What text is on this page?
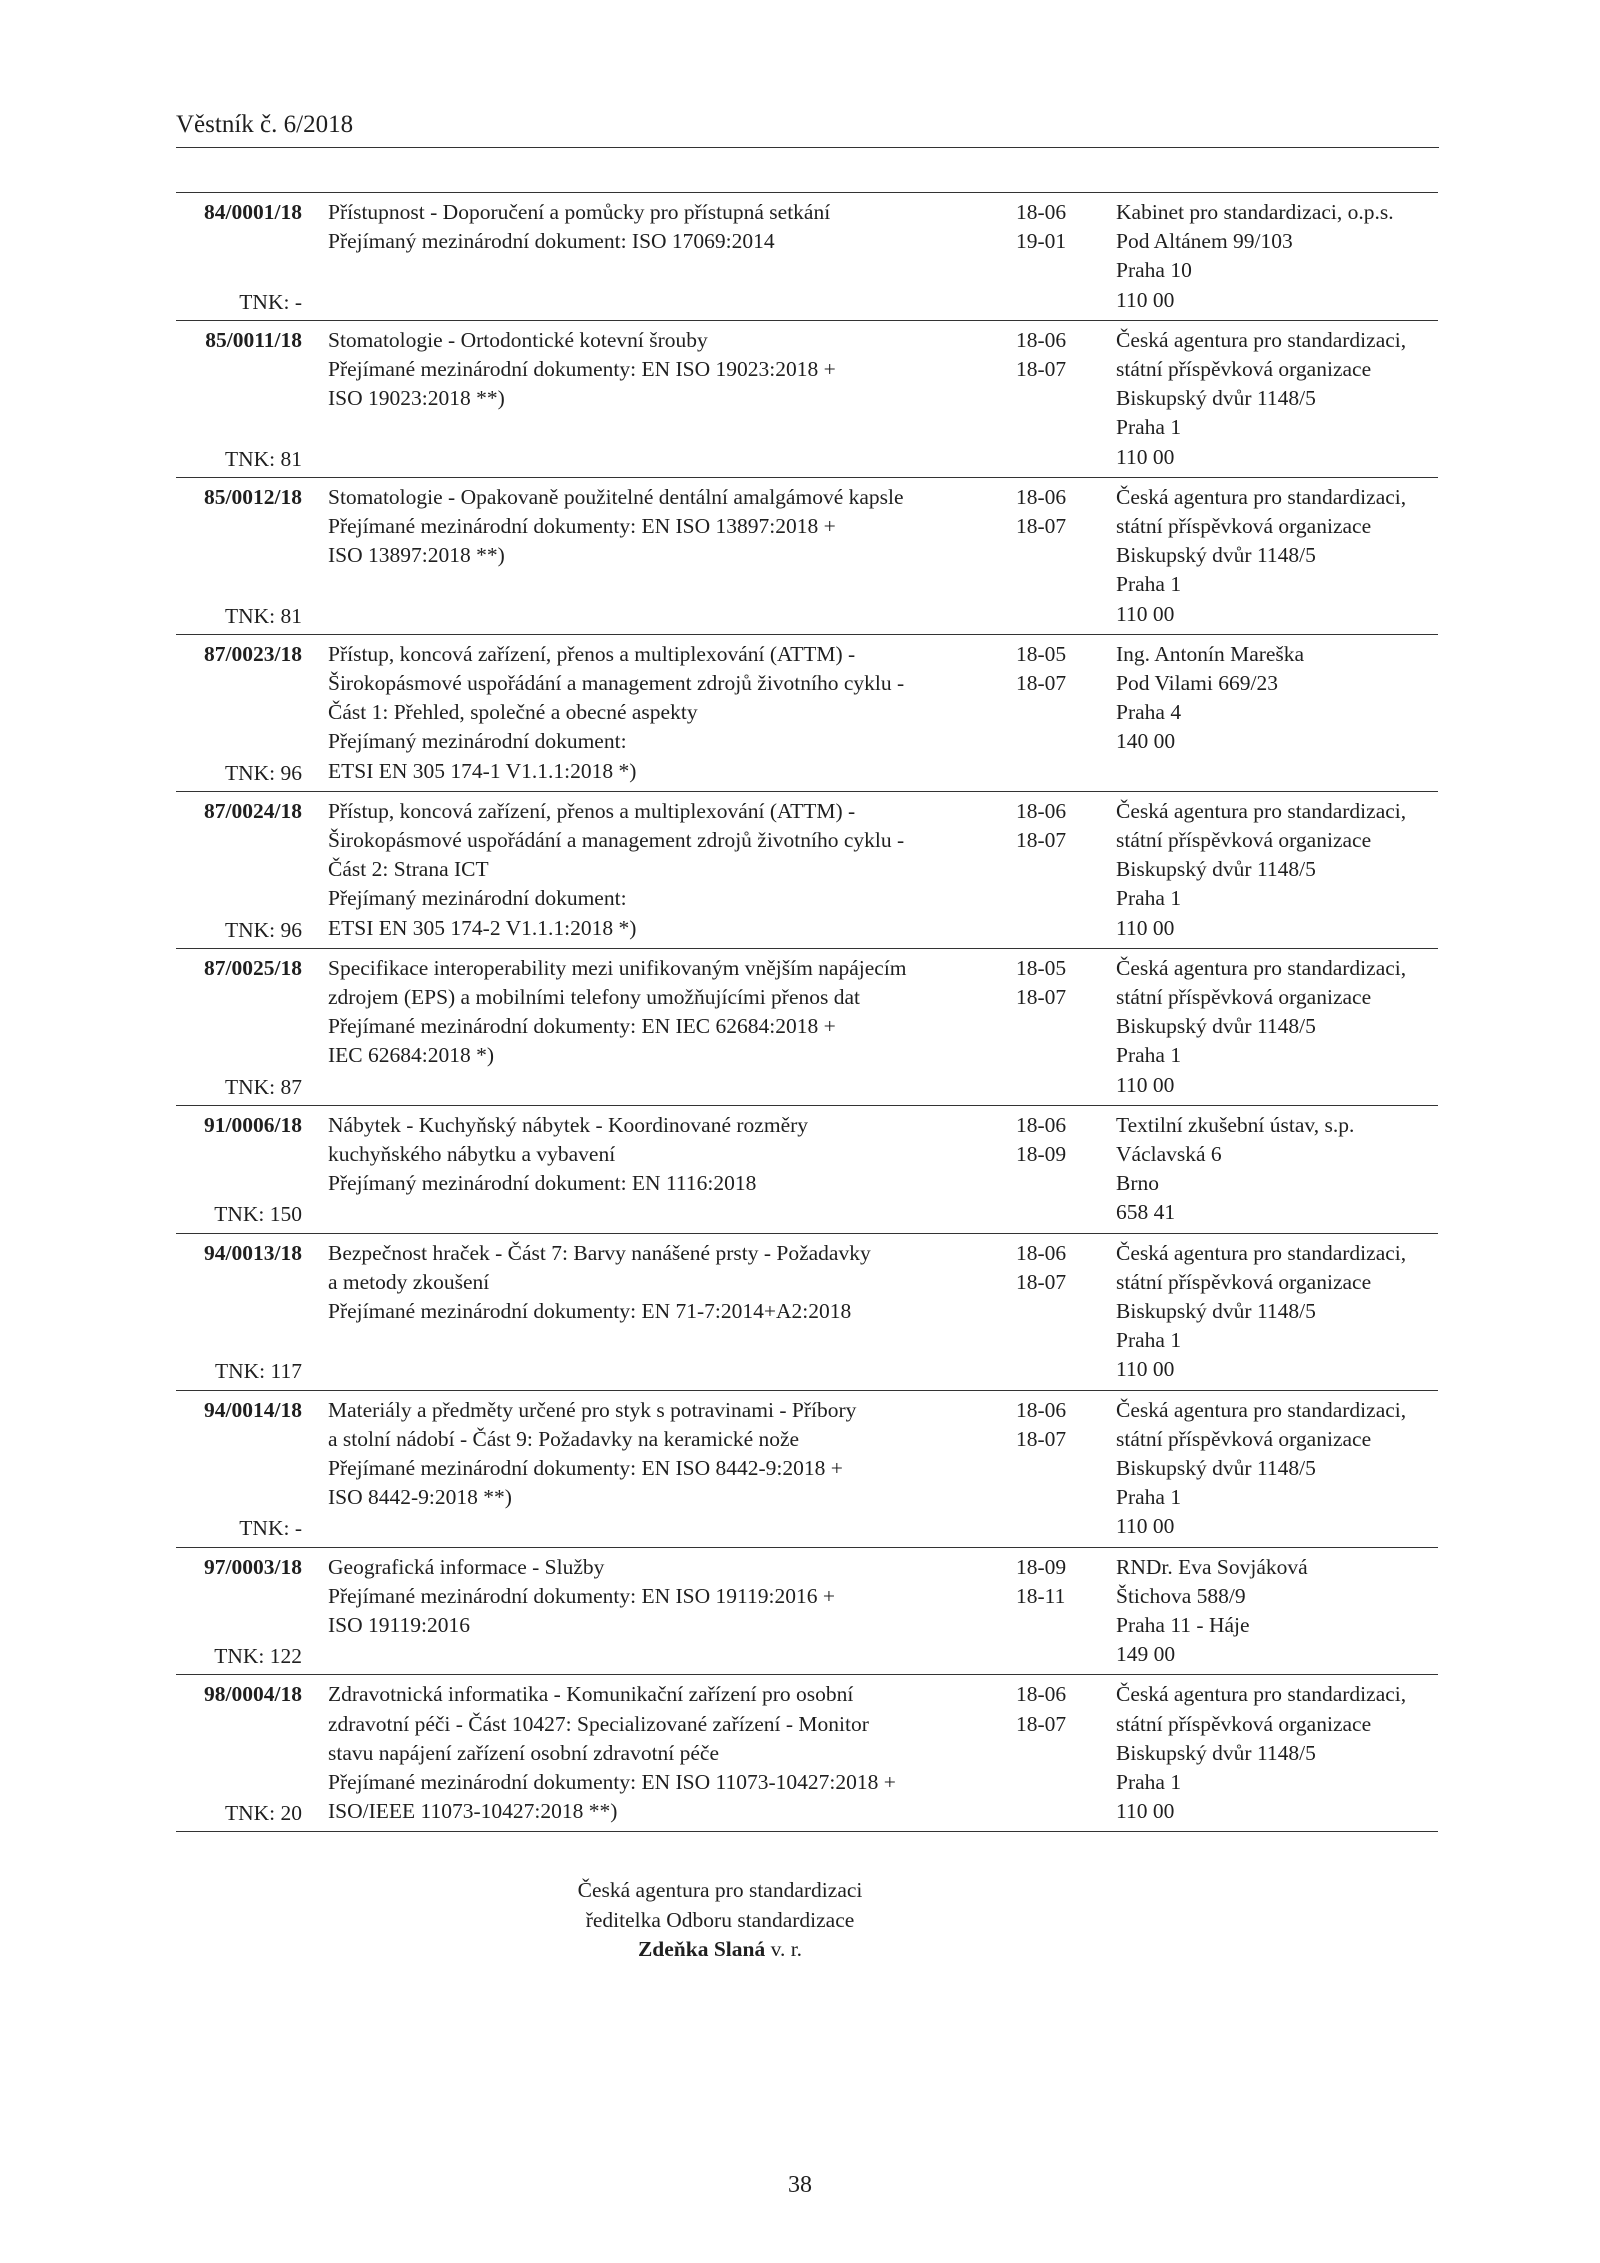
Věstník č. 6/2018
84/0001/18
TNK: -
Přístupnost - Doporučení a pomůcky pro přístupná setkání
Přejímaný mezinárodní dokument: ISO 17069:2014
18-06
19-01
Kabinet pro standardizaci, o.p.s.
Pod Altánem 99/103
Praha 10
110 00
85/0011/18
TNK: 81
Stomatologie - Ortodontické kotevní šrouby
Přejímané mezinárodní dokumenty: EN ISO 19023:2018 +
ISO 19023:2018 **)
18-06
18-07
Česká agentura pro standardizaci,
státní příspěvková organizace
Biskupský dvůr 1148/5
Praha 1
110 00
85/0012/18
TNK: 81
Stomatologie - Opakovaně použitelné dentální amalgámové kapsle
Přejímané mezinárodní dokumenty: EN ISO 13897:2018 +
ISO 13897:2018 **)
18-06
18-07
Česká agentura pro standardizaci,
státní příspěvková organizace
Biskupský dvůr 1148/5
Praha 1
110 00
87/0023/18
TNK: 96
Přístup, koncová zařízení, přenos a multiplexování (ATTM) -
Širokopásmové uspořádání a management zdrojů životního cyklu -
Část 1: Přehled, společné a obecné aspekty
Přejímaný mezinárodní dokument:
ETSI EN 305 174-1 V1.1.1:2018 *)
18-05
18-07
Ing. Antonín Mareška
Pod Vilami 669/23
Praha 4
140 00
87/0024/18
TNK: 96
Přístup, koncová zařízení, přenos a multiplexování (ATTM) -
Širokopásmové uspořádání a management zdrojů životního cyklu -
Část 2: Strana ICT
Přejímaný mezinárodní dokument:
ETSI EN 305 174-2 V1.1.1:2018 *)
18-06
18-07
Česká agentura pro standardizaci,
státní příspěvková organizace
Biskupský dvůr 1148/5
Praha 1
110 00
87/0025/18
TNK: 87
Specifikace interoperability mezi unifikovaným vnějším napájecím
zdrojem (EPS) a mobilními telefony umožňujícími přenos dat
Přejímané mezinárodní dokumenty: EN IEC 62684:2018 +
IEC 62684:2018 *)
18-05
18-07
Česká agentura pro standardizaci,
státní příspěvková organizace
Biskupský dvůr 1148/5
Praha 1
110 00
91/0006/18
TNK: 150
Nábytek - Kuchyňský nábytek - Koordinované rozměry
kuchyňského nábytku a vybavení
Přejímaný mezinárodní dokument: EN 1116:2018
18-06
18-09
Textilní zkušební ústav, s.p.
Václavská 6
Brno
658 41
94/0013/18
TNK: 117
Bezpečnost hraček - Část 7: Barvy nanášené prsty - Požadavky
a metody zkoušení
Přejímané mezinárodní dokumenty: EN 71-7:2014+A2:2018
18-06
18-07
Česká agentura pro standardizaci,
státní příspěvková organizace
Biskupský dvůr 1148/5
Praha 1
110 00
94/0014/18
TNK: -
Materiály a předměty určené pro styk s potravinami - Příbory
a stolní nádobí - Část 9: Požadavky na keramické nože
Přejímané mezinárodní dokumenty: EN ISO 8442-9:2018 +
ISO 8442-9:2018 **)
18-06
18-07
Česká agentura pro standardizaci,
státní příspěvková organizace
Biskupský dvůr 1148/5
Praha 1
110 00
97/0003/18
TNK: 122
Geografická informace - Služby
Přejímané mezinárodní dokumenty: EN ISO 19119:2016 +
ISO 19119:2016
18-09
18-11
RNDr. Eva Sovjáková
Štichova 588/9
Praha 11 - Háje
149 00
98/0004/18
TNK: 20
Zdravotnická informatika - Komunikační zařízení pro osobní
zdravotní péči - Část 10427: Specializované zařízení - Monitor
stavu napájení zařízení osobní zdravotní péče
Přejímané mezinárodní dokumenty: EN ISO 11073-10427:2018 +
ISO/IEEE 11073-10427:2018 **)
18-06
18-07
Česká agentura pro standardizaci,
státní příspěvková organizace
Biskupský dvůr 1148/5
Praha 1
110 00
Česká agentura pro standardizaci
ředitelka Odboru standardizace
Zdeňka Slaná v. r.
38
